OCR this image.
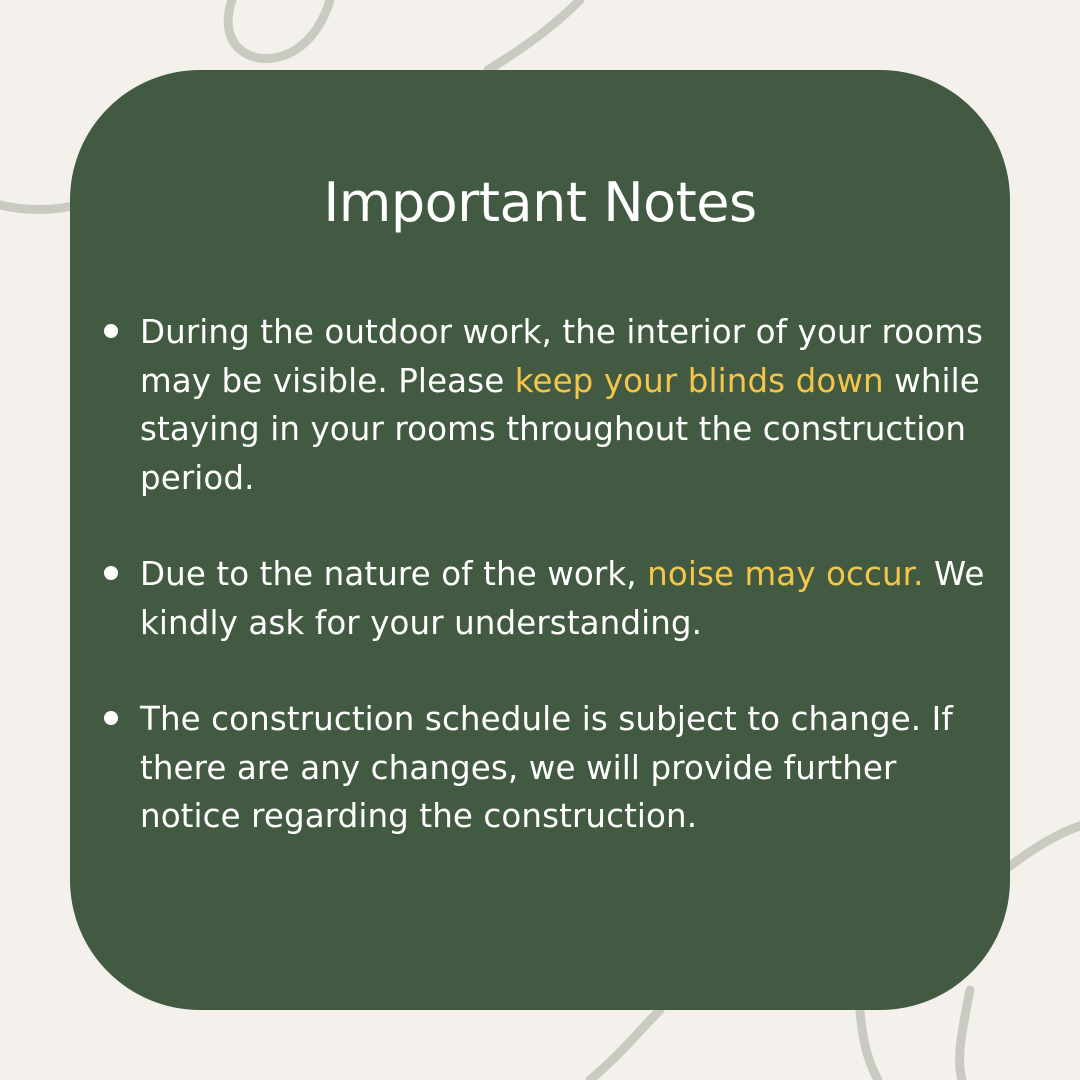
Important Notes
During the outdoor work, the interior of your rooms may be visible. Please keep your blinds down while staying in your rooms throughout the construction period.
Due to the nature of the work, noise may occur. We kindly ask for your understanding.
The construction schedule is subject to change. If there are any changes, we will provide further notice regarding the construction.
